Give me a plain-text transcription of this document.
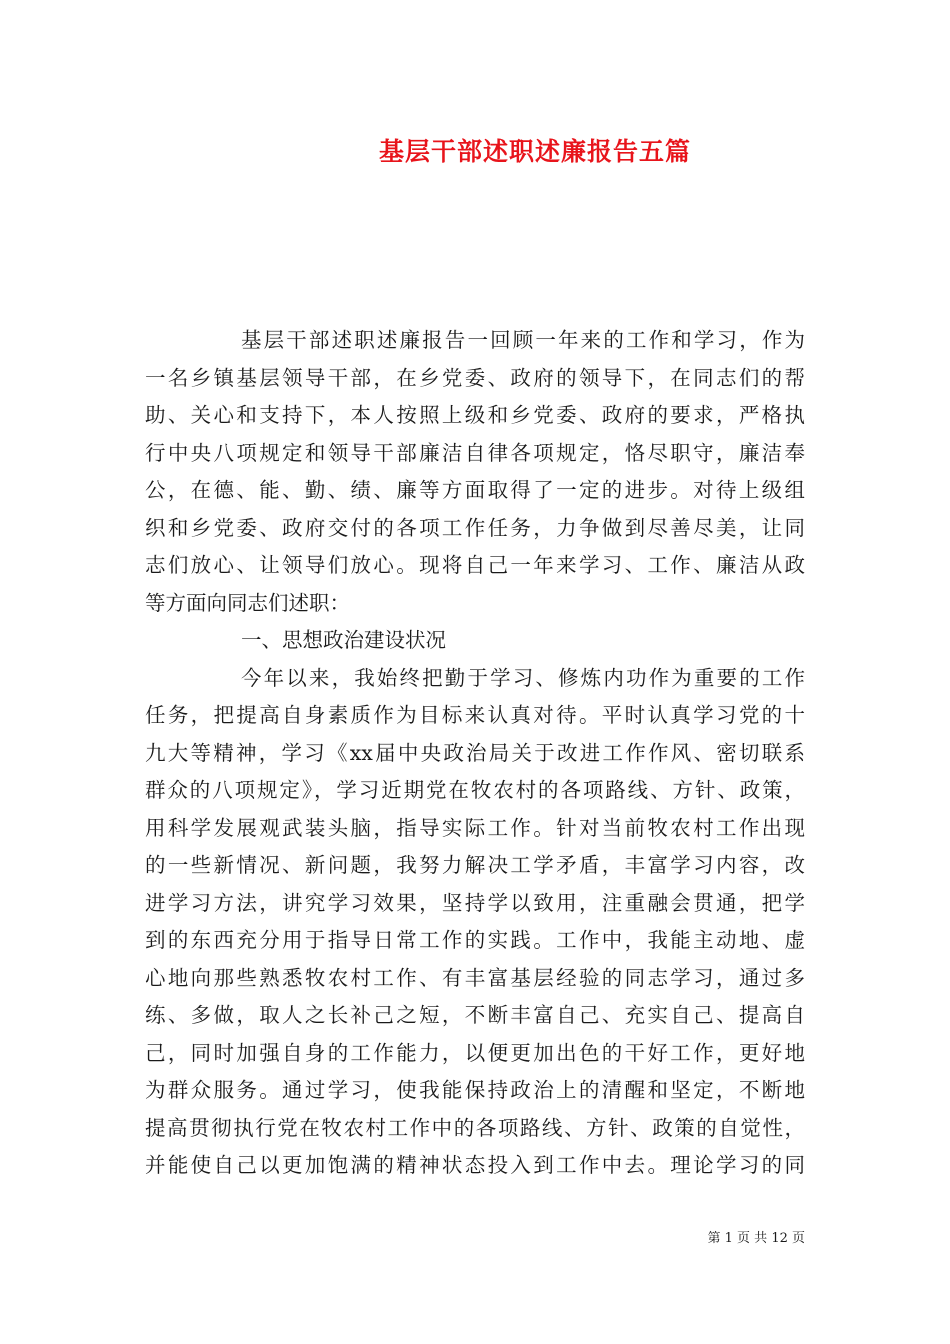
基层干部述职述廉报告五篇
基层干部述职述廉报告一回顾一年来的工作和学习，作为
一名乡镇基层领导干部，在乡党委、政府的领导下，在同志们的帮
助、关心和支持下，本人按照上级和乡党委、政府的要求，严格执
行中央八项规定和领导干部廉洁自律各项规定，恪尽职守，廉洁奉
公，在德、能、勤、绩、廉等方面取得了一定的进步。对待上级组
织和乡党委、政府交付的各项工作任务，力争做到尽善尽美，让同
志们放心、让领导们放心。现将自己一年来学习、工作、廉洁从政
等方面向同志们述职：
一、思想政治建设状况
今年以来，我始终把勤于学习、修炼内功作为重要的工作
任务，把提高自身素质作为目标来认真对待。平时认真学习党的十
九大等精神，学习《xx届中央政治局关于改进工作作风、密切联系
群众的八项规定》，学习近期党在牧农村的各项路线、方针、政策，
用科学发展观武装头脑，指导实际工作。针对当前牧农村工作出现
的一些新情况、新问题，我努力解决工学矛盾，丰富学习内容，改
进学习方法，讲究学习效果，坚持学以致用，注重融会贯通，把学
到的东西充分用于指导日常工作的实践。工作中，我能主动地、虚
心地向那些熟悉牧农村工作、有丰富基层经验的同志学习，通过多
练、多做，取人之长补己之短，不断丰富自己、充实自己、提高自
己，同时加强自身的工作能力，以便更加出色的干好工作，更好地
为群众服务。通过学习，使我能保持政治上的清醒和坚定，不断地
提高贯彻执行党在牧农村工作中的各项路线、方针、政策的自觉性，
并能使自己以更加饱满的精神状态投入到工作中去。理论学习的同
第 1 页 共 12 页
